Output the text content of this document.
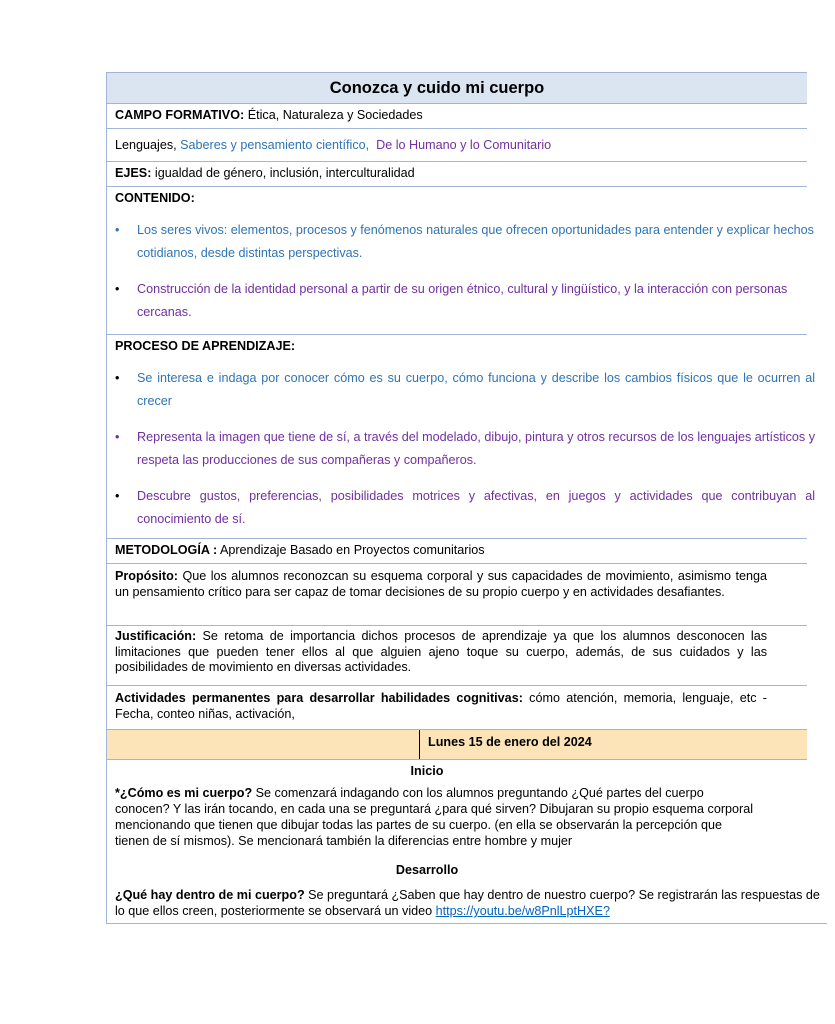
Conozca y cuido mi cuerpo
CAMPO FORMATIVO: Ética, Naturaleza y Sociedades
Lenguajes, Saberes y pensamiento científico, De lo Humano y lo Comunitario
EJES: igualdad de género, inclusión, interculturalidad
CONTENIDO:
• Los seres vivos: elementos, procesos y fenómenos naturales que ofrecen oportunidades para entender y explicar hechos cotidianos, desde distintas perspectivas.
• Construcción de la identidad personal a partir de su origen étnico, cultural y lingüístico, y la interacción con personas cercanas.
PROCESO DE APRENDIZAJE:
• Se interesa e indaga por conocer cómo es su cuerpo, cómo funciona y describe los cambios físicos que le ocurren al crecer
• Representa la imagen que tiene de sí, a través del modelado, dibujo, pintura y otros recursos de los lenguajes artísticos y respeta las producciones de sus compañeras y compañeros.
• Descubre gustos, preferencias, posibilidades motrices y afectivas, en juegos y actividades que contribuyan al conocimiento de sí.
METODOLOGÍA : Aprendizaje Basado en Proyectos comunitarios
Propósito: Que los alumnos reconozcan su esquema corporal y sus capacidades de movimiento, asimismo tenga un pensamiento crítico para ser capaz de tomar decisiones de su propio cuerpo y en actividades desafiantes.
Justificación: Se retoma de importancia dichos procesos de aprendizaje ya que los alumnos desconocen las limitaciones que pueden tener ellos al que alguien ajeno toque su cuerpo, además, de sus cuidados y las posibilidades de movimiento en diversas actividades.
Actividades permanentes para desarrollar habilidades cognitivas: cómo atención, memoria, lenguaje, etc -Fecha, conteo niñas, activación,
Lunes 15 de enero del 2024
Inicio
*¿Cómo es mi cuerpo? Se comenzará indagando con los alumnos preguntando ¿Qué partes del cuerpo conocen? Y las irán tocando, en cada una se preguntará ¿para qué sirven? Dibujaran su propio esquema corporal mencionando que tienen que dibujar todas las partes de su cuerpo. (en ella se observarán la percepción que tienen de sí mismos). Se mencionará también la diferencias entre hombre y mujer
Desarrollo
¿Qué hay dentro de mi cuerpo? Se preguntará ¿Saben que hay dentro de nuestro cuerpo? Se registrarán las respuestas de lo que ellos creen, posteriormente se observará un video https://youtu.be/w8PnlLptHXE?
